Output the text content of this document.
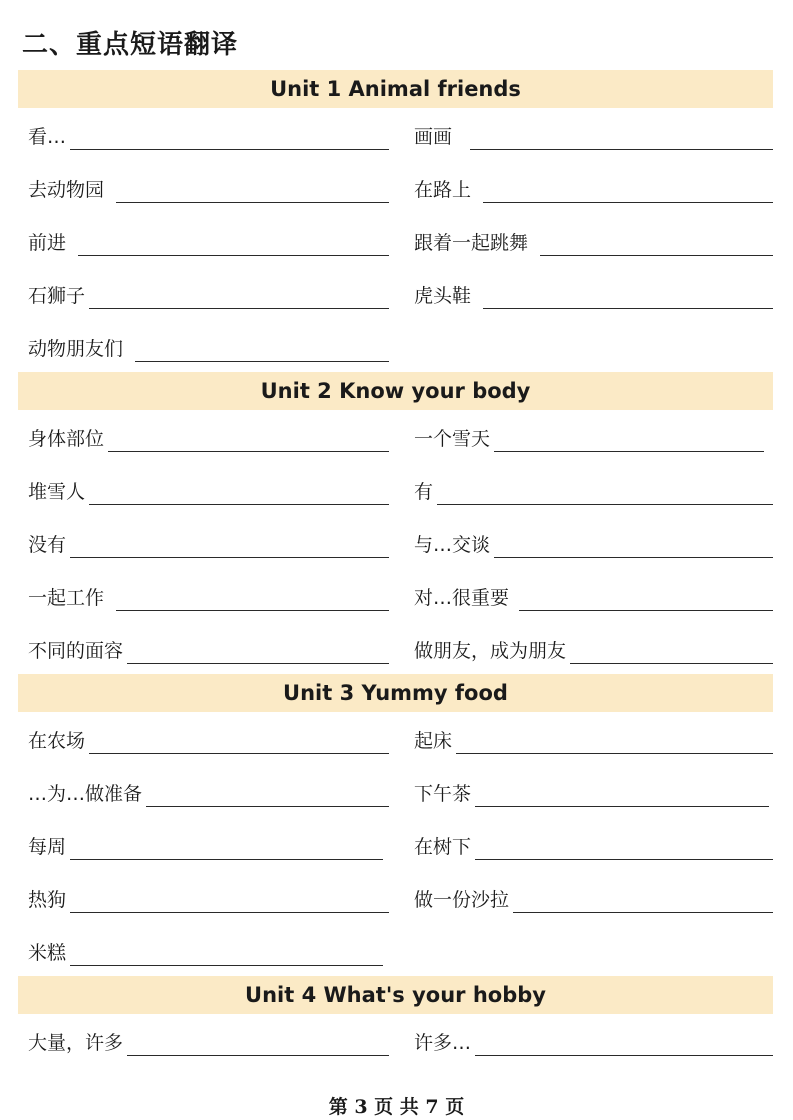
二、重点短语翻译
Unit 1 Animal friends
看…	画画
去动物园	在路上
前进	跟着一起跳舞
石狮子	虎头鞋
动物朋友们
Unit 2 Know your body
身体部位	一个雪天
堆雪人	有
没有	与…交谈
一起工作	对…很重要
不同的面容	做朋友，成为朋友
Unit 3 Yummy food
在农场	起床
…为…做准备	下午茶
每周	在树下
热狗	做一份沙拉
米糕
Unit 4 What's your hobby
大量，许多	许多…
第 3 页 共 7 页
